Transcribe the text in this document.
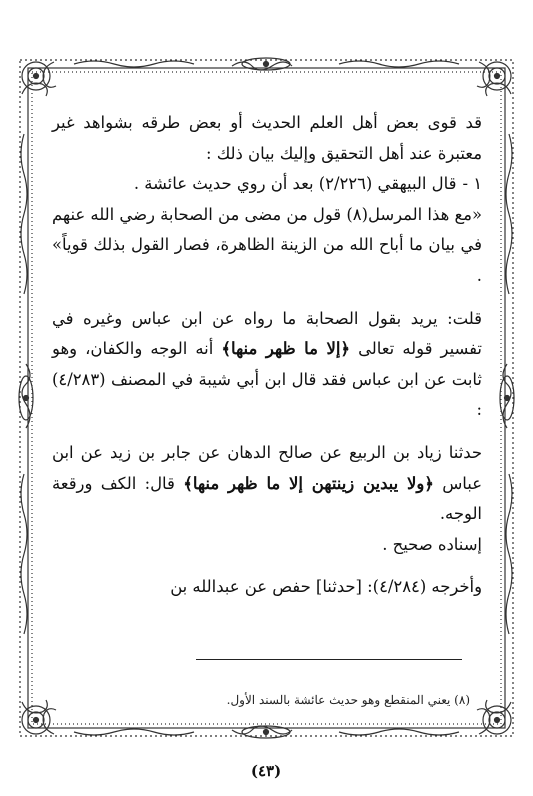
قد قوى بعض أهل العلم الحديث أو بعض طرقه بشواهد غير معتبرة عند أهل التحقيق وإليك بيان ذلك :

١ -قال البيهقي (٢/٢٢٦) بعد أن روي حديث عائشة .

«مع هذا المرسل(٨) قول من مضى من الصحابة رضي الله عنهم في بيان ما أباح الله من الزينة الظاهرة، فصار القول بذلك قوياً» .

قلت: يريد بقول الصحابة ما رواه عن ابن عباس وغيره في تفسير قوله تعالى ﴿إلا ما ظهر منها﴾ أنه الوجه والكفان، وهو ثابت عن ابن عباس فقد قال ابن أبي شيبة في المصنف (٤/٢٨٣) :

حدثنا زياد بن الربيع عن صالح الدهان عن جابر بن زيد عن ابن عباس ﴿ولا يبدين زينتهن إلا ما ظهر منها﴾ قال: الكف ورقعة الوجه.

إسناده صحيح .

وأخرجه (٤/٢٨٤): [حدثنا] حفص عن عبدالله بن

(٨) يعني المنقطع وهو حديث عائشة بالسند الأول.
(٤٣)
